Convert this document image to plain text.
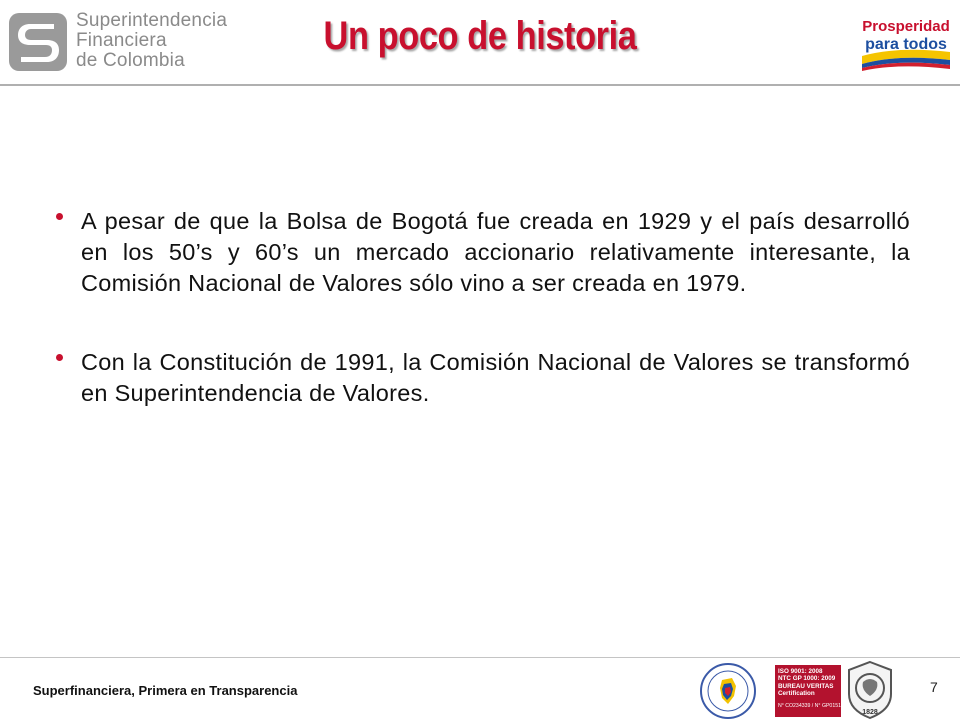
Superintendencia
Financiera
de Colombia
Un poco de historia	Prosperidad
para todos

A pesar de que la Bolsa de Bogotá fue creada en 1929 y el país desarrolló en los 50’s y 60’s un mercado accionario relativamente interesante, la Comisión Nacional de Valores sólo vino a ser creada en 1979.

Con la Constitución de 1991, la Comisión Nacional de Valores se transformó en Superintendencia de Valores.

Superfinanciera, Primera en Transparencia
ISO 9001: 2008
NTC GP 1000: 2009
BUREAU VERITAS
Certification
N° CO234339 / N° GP0151
1828
7
